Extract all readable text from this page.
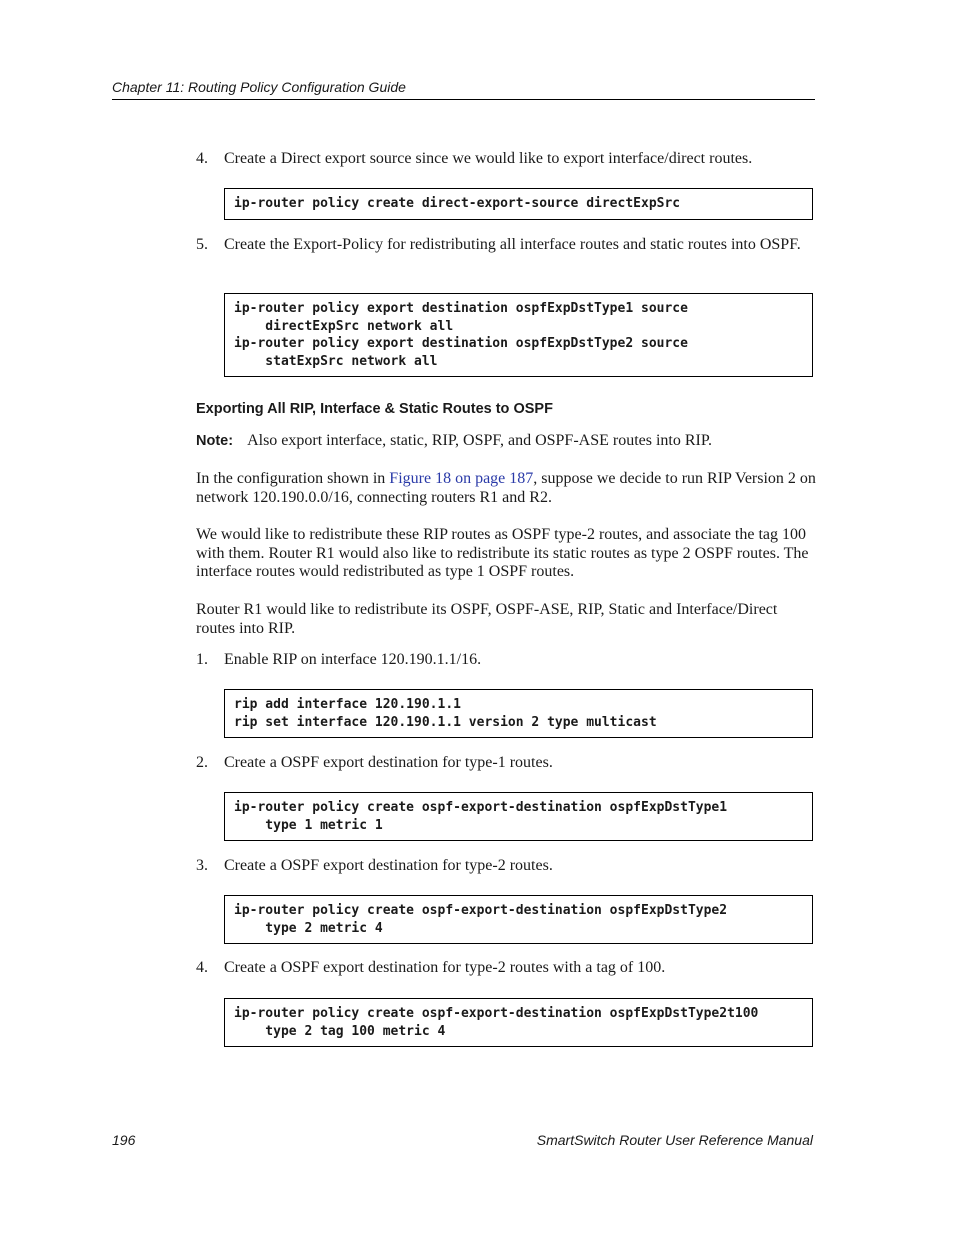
Chapter 11: Routing Policy Configuration Guide
4. Create a Direct export source since we would like to export interface/direct routes.
ip-router policy create direct-export-source directExpSrc
5. Create the Export-Policy for redistributing all interface routes and static routes into OSPF.
ip-router policy export destination ospfExpDstType1 source
directExpSrc network all
ip-router policy export destination ospfExpDstType2 source
statExpSrc network all
Exporting All RIP, Interface & Static Routes to OSPF
Note: Also export interface, static, RIP, OSPF, and OSPF-ASE routes into RIP.
In the configuration shown in Figure 18 on page 187, suppose we decide to run RIP Version 2 on network 120.190.0.0/16, connecting routers R1 and R2.
We would like to redistribute these RIP routes as OSPF type-2 routes, and associate the tag 100 with them. Router R1 would also like to redistribute its static routes as type 2 OSPF routes. The interface routes would redistributed as type 1 OSPF routes.
Router R1 would like to redistribute its OSPF, OSPF-ASE, RIP, Static and Interface/Direct routes into RIP.
1. Enable RIP on interface 120.190.1.1/16.
rip add interface 120.190.1.1
rip set interface 120.190.1.1 version 2 type multicast
2. Create a OSPF export destination for type-1 routes.
ip-router policy create ospf-export-destination ospfExpDstType1
type 1 metric 1
3. Create a OSPF export destination for type-2 routes.
ip-router policy create ospf-export-destination ospfExpDstType2
type 2 metric 4
4. Create a OSPF export destination for type-2 routes with a tag of 100.
ip-router policy create ospf-export-destination ospfExpDstType2t100
type 2 tag 100 metric 4
196	SmartSwitch Router User Reference Manual
